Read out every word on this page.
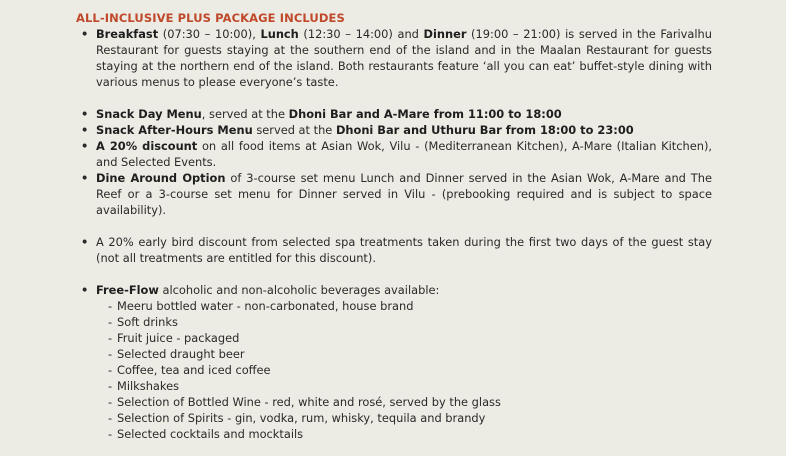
ALL-INCLUSIVE PLUS PACKAGE INCLUDES
• Breakfast (07:30 – 10:00), Lunch (12:30 – 14:00) and Dinner (19:00 – 21:00) is served in the Farivalhu Restaurant for guests staying at the southern end of the island and in the Maalan Restaurant for guests staying at the northern end of the island. Both restaurants feature ‘all you can eat’ buffet-style dining with various menus to please everyone’s taste.
• Snack Day Menu, served at the Dhoni Bar and A-Mare from 11:00 to 18:00
• Snack After-Hours Menu served at the Dhoni Bar and Uthuru Bar from 18:00 to 23:00
• A 20% discount on all food items at Asian Wok, Vilu - (Mediterranean Kitchen), A-Mare (Italian Kitchen), and Selected Events.
• Dine Around Option of 3-course set menu Lunch and Dinner served in the Asian Wok, A-Mare and The Reef or a 3-course set menu for Dinner served in Vilu - (prebooking required and is subject to space availability).
• A 20% early bird discount from selected spa treatments taken during the first two days of the guest stay (not all treatments are entitled for this discount).
• Free-Flow alcoholic and non-alcoholic beverages available:
- Meeru bottled water - non-carbonated, house brand
- Soft drinks
- Fruit juice - packaged
- Selected draught beer
- Coffee, tea and iced coffee
- Milkshakes
- Selection of Bottled Wine - red, white and rosé, served by the glass
- Selection of Spirits - gin, vodka, rum, whisky, tequila and brandy
- Selected cocktails and mocktails
